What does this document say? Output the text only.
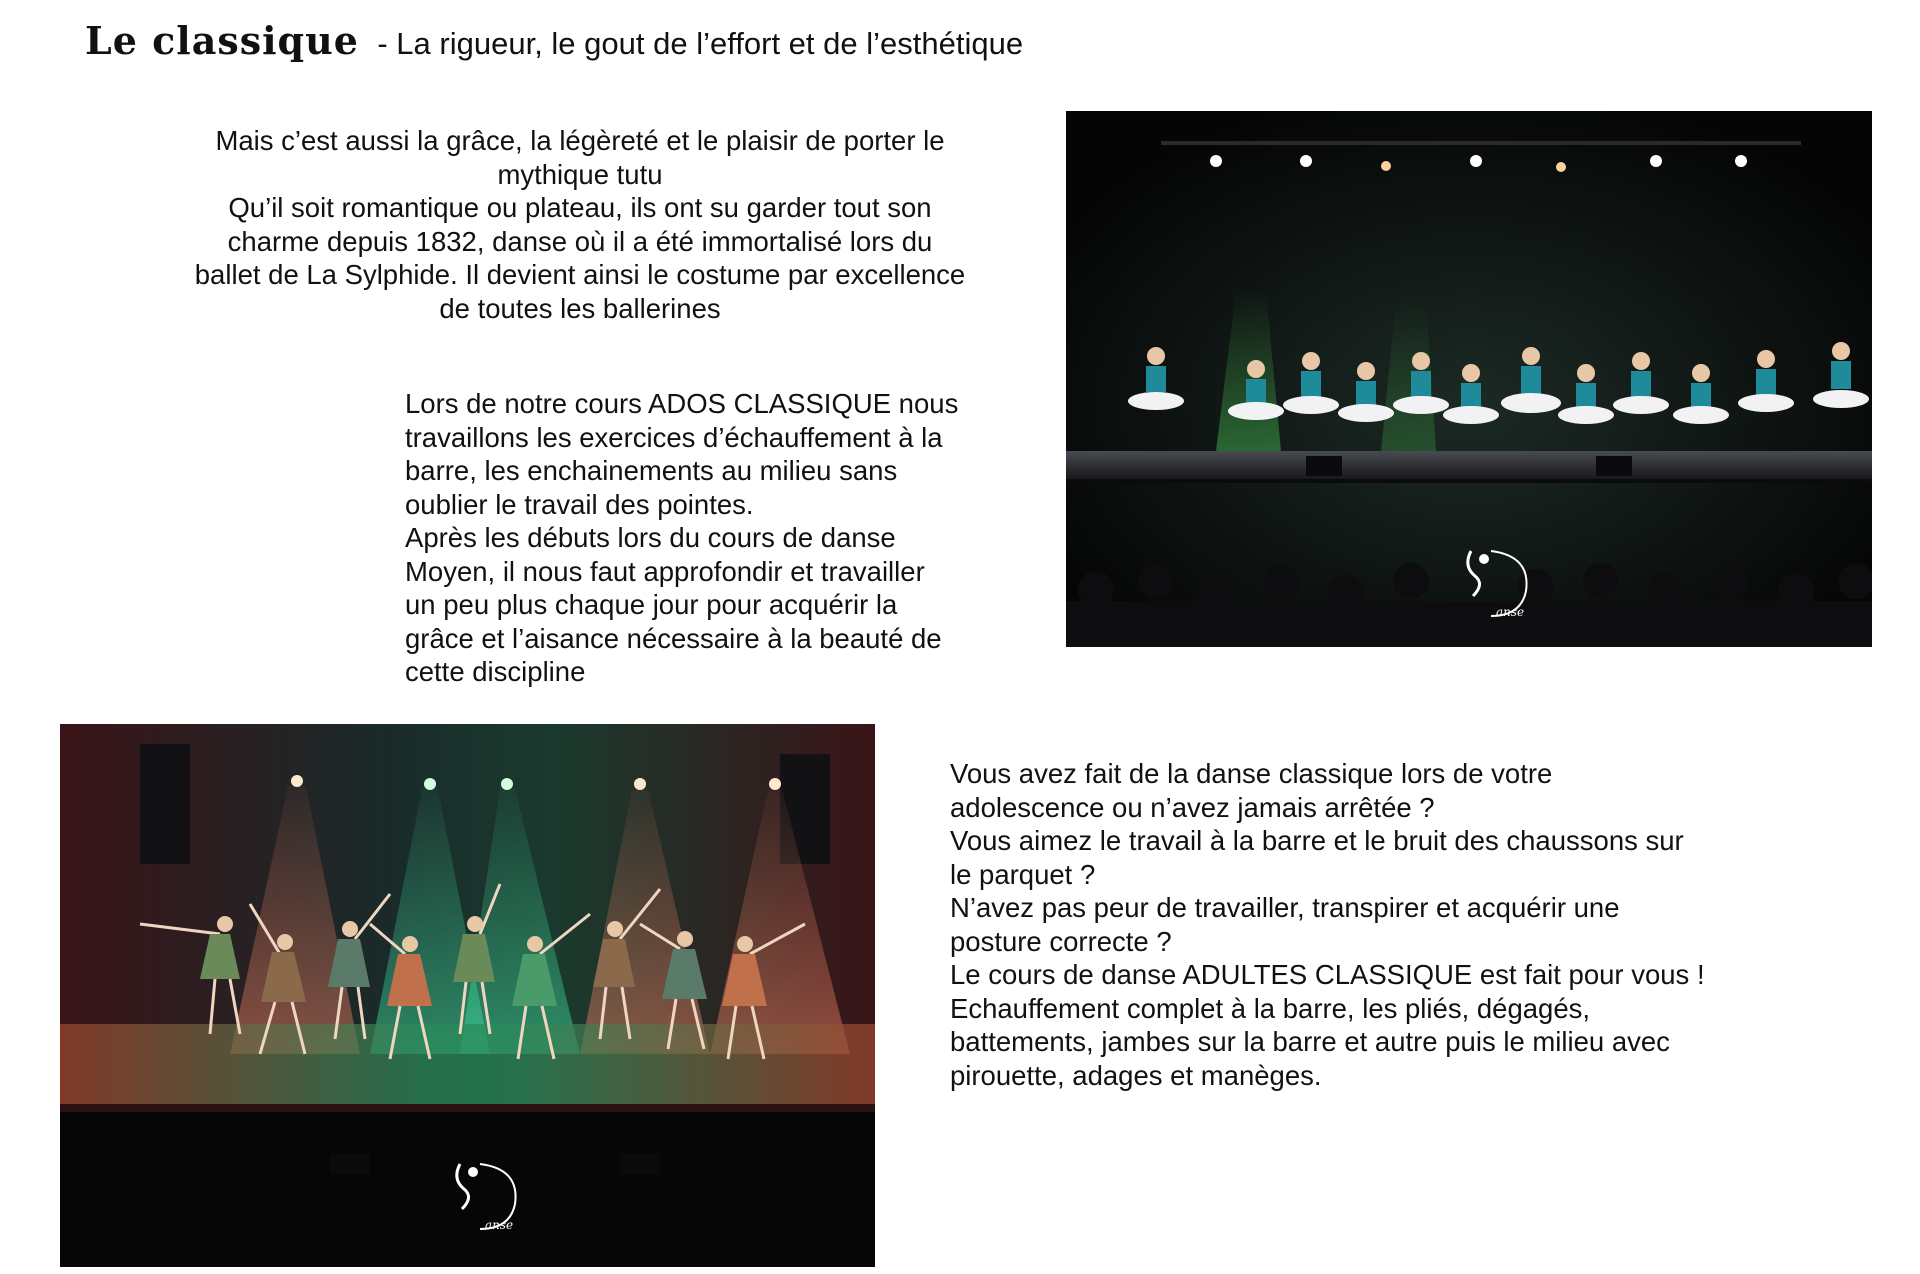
Le classique - La rigueur, le gout de l’effort et de l’esthétique

Mais c’est aussi la grâce, la légèreté et le plaisir de porter le

mythique tutu

Qu’il soit romantique ou plateau, ils ont su garder tout son

charme depuis 1832, danse où il a été immortalisé lors du

ballet de La Sylphide. Il devient ainsi le costume par excellence

de toutes les ballerines

Lors de notre cours ADOS CLASSIQUE nous

travaillons les exercices d’échauffement à la

barre, les enchainements au milieu sans

oublier le travail des pointes.

Après les débuts lors du cours de danse

Moyen, il nous faut approfondir et travailler

un peu plus chaque jour pour acquérir la

grâce et l’aisance nécessaire à la beauté de

cette discipline

Vous avez fait de la danse classique lors de votre

adolescence ou n’avez jamais arrêtée ?

Vous aimez le travail à la barre et le bruit des chaussons sur

le parquet ?

N’avez pas peur de travailler, transpirer et acquérir une

posture correcte ?

Le cours de danse ADULTES CLASSIQUE est fait pour vous !

Echauffement complet à la barre, les pliés, dégagés,

battements, jambes sur la barre et autre puis le milieu avec

pirouette, adages et manèges.

anse
anse
